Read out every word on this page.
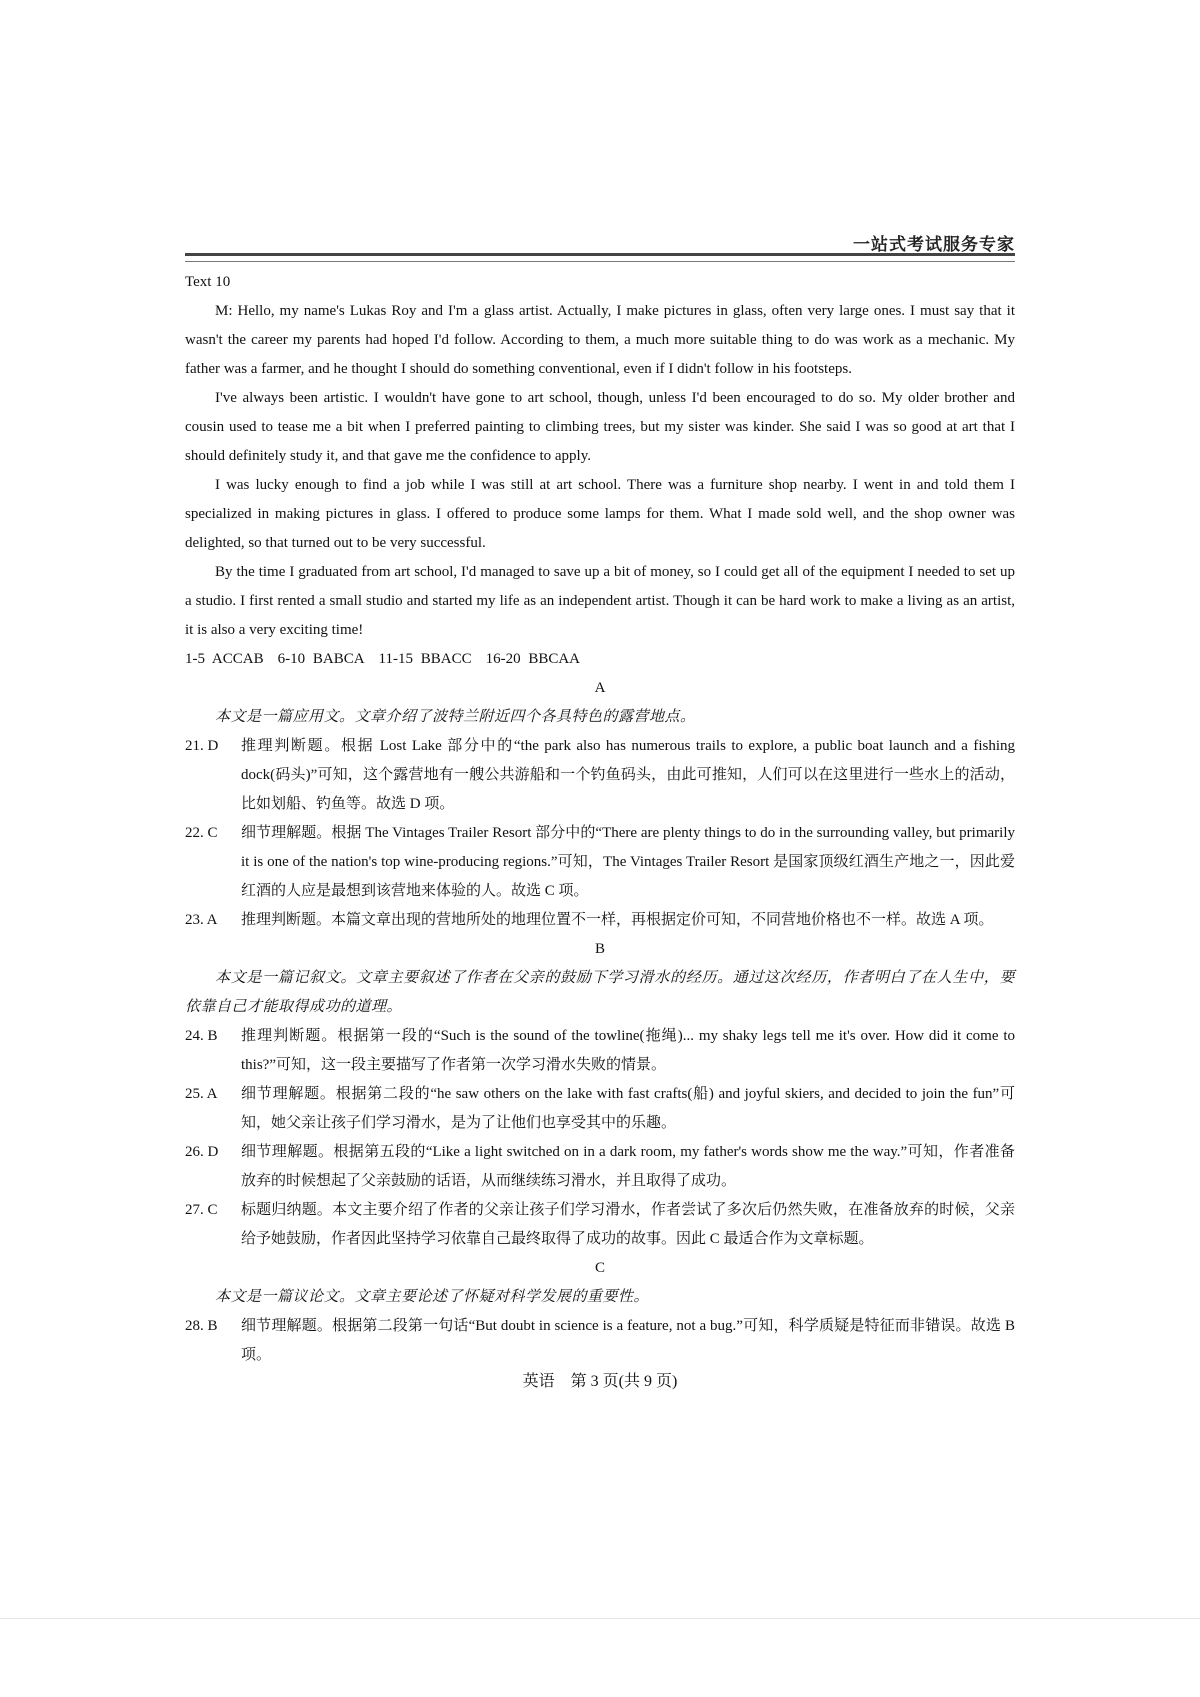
一站式考试服务专家

Text 10

M: Hello, my name's Lukas Roy and I'm a glass artist. Actually, I make pictures in glass, often very large ones. I must say that it wasn't the career my parents had hoped I'd follow. According to them, a much more suitable thing to do was work as a mechanic. My father was a farmer, and he thought I should do something conventional, even if I didn't follow in his footsteps.

I've always been artistic. I wouldn't have gone to art school, though, unless I'd been encouraged to do so. My older brother and cousin used to tease me a bit when I preferred painting to climbing trees, but my sister was kinder. She said I was so good at art that I should definitely study it, and that gave me the confidence to apply.

I was lucky enough to find a job while I was still at art school. There was a furniture shop nearby. I went in and told them I specialized in making pictures in glass. I offered to produce some lamps for them. What I made sold well, and the shop owner was delighted, so that turned out to be very successful.

By the time I graduated from art school, I'd managed to save up a bit of money, so I could get all of the equipment I needed to set up a studio. I first rented a small studio and started my life as an independent artist. Though it can be hard work to make a living as an artist, it is also a very exciting time!

1-5 ACCAB 6-10 BABCA 11-15 BBACC 16-20 BBCAA

A

本文是一篇应用文。文章介绍了波特兰附近四个各具特色的露营地点。

21. D	推理判断题。根据 Lost Lake 部分中的“the park also has numerous trails to explore, a public boat launch and a fishing dock(码头)”可知，这个露营地有一艘公共游船和一个钓鱼码头，由此可推知，人们可以在这里进行一些水上的活动，比如划船、钓鱼等。故选 D 项。
22. C	细节理解题。根据 The Vintages Trailer Resort 部分中的“There are plenty things to do in the surrounding valley, but primarily it is one of the nation's top wine-producing regions.”可知，The Vintages Trailer Resort 是国家顶级红酒生产地之一，因此爱红酒的人应是最想到该营地来体验的人。故选 C 项。
23. A	推理判断题。本篇文章出现的营地所处的地理位置不一样，再根据定价可知，不同营地价格也不一样。故选 A 项。

B

本文是一篇记叙文。文章主要叙述了作者在父亲的鼓励下学习滑水的经历。通过这次经历，作者明白了在人生中，要依靠自己才能取得成功的道理。

24. B	推理判断题。根据第一段的“Such is the sound of the towline(拖绳)... my shaky legs tell me it's over. How did it come to this?”可知，这一段主要描写了作者第一次学习滑水失败的情景。
25. A	细节理解题。根据第二段的“he saw others on the lake with fast crafts(船) and joyful skiers, and decided to join the fun”可知，她父亲让孩子们学习滑水，是为了让他们也享受其中的乐趣。
26. D	细节理解题。根据第五段的“Like a light switched on in a dark room, my father's words show me the way.”可知，作者准备放弃的时候想起了父亲鼓励的话语，从而继续练习滑水，并且取得了成功。
27. C	标题归纳题。本文主要介绍了作者的父亲让孩子们学习滑水，作者尝试了多次后仍然失败，在准备放弃的时候，父亲给予她鼓励，作者因此坚持学习依靠自己最终取得了成功的故事。因此 C 最适合作为文章标题。

C

本文是一篇议论文。文章主要论述了怀疑对科学发展的重要性。

28. B	细节理解题。根据第二段第一句话“But doubt in science is a feature, not a bug.”可知，科学质疑是特征而非错误。故选 B 项。
英语　第 3 页(共 9 页)
